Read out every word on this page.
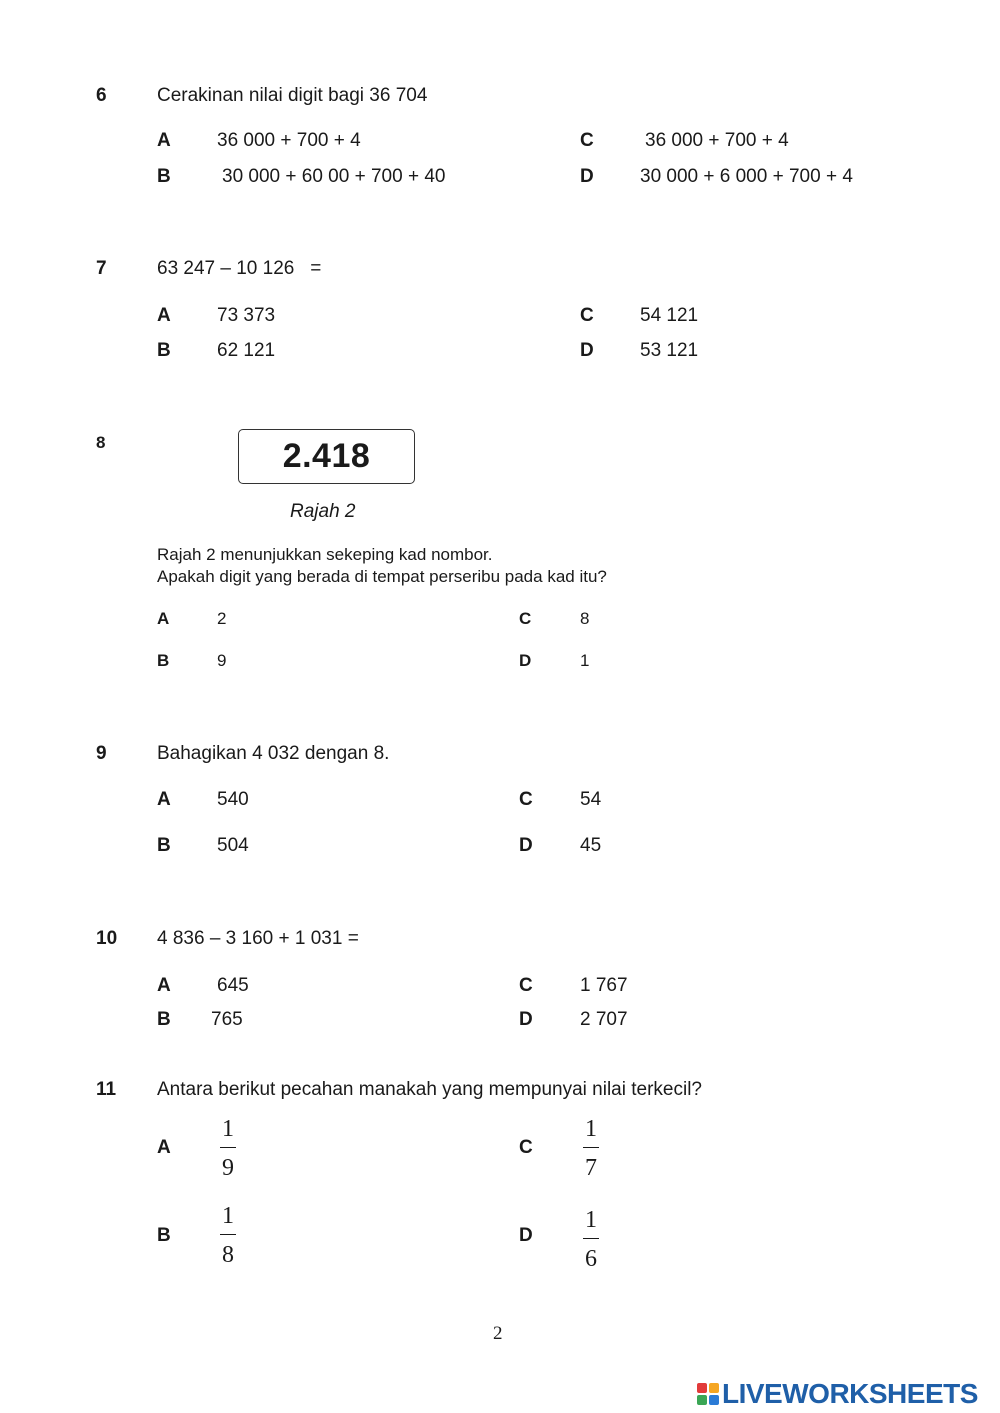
6	Cerakinan nilai digit bagi 36 704
A 36 000 + 700 + 4
B	30 000 + 60 00 + 700 + 40
C	36 000 + 700 + 4
D 30 000 + 6 000 + 700 + 4
7	63 247 – 10 126   =
A 73 373
B 62 121
C 54 121
D 53 121
8	2.418
Rajah 2
Rajah 2 menunjukkan sekeping kad nombor.
Apakah digit yang berada di tempat perseribu pada kad itu?
A	2
B	9
C	8
D	1
9	Bahagikan 4 032 dengan 8.
A 540
B 504
C 54
D 45
10 4 836 – 3 160 + 1 031 =
A 645
B 765
C 1 767
D 2 707
11 Antara berikut pecahan manakah yang mempunyai nilai terkecil?
A
1
9
B
1
8
C
1
7
D
1
6
2
LIVEWORKSHEETS
